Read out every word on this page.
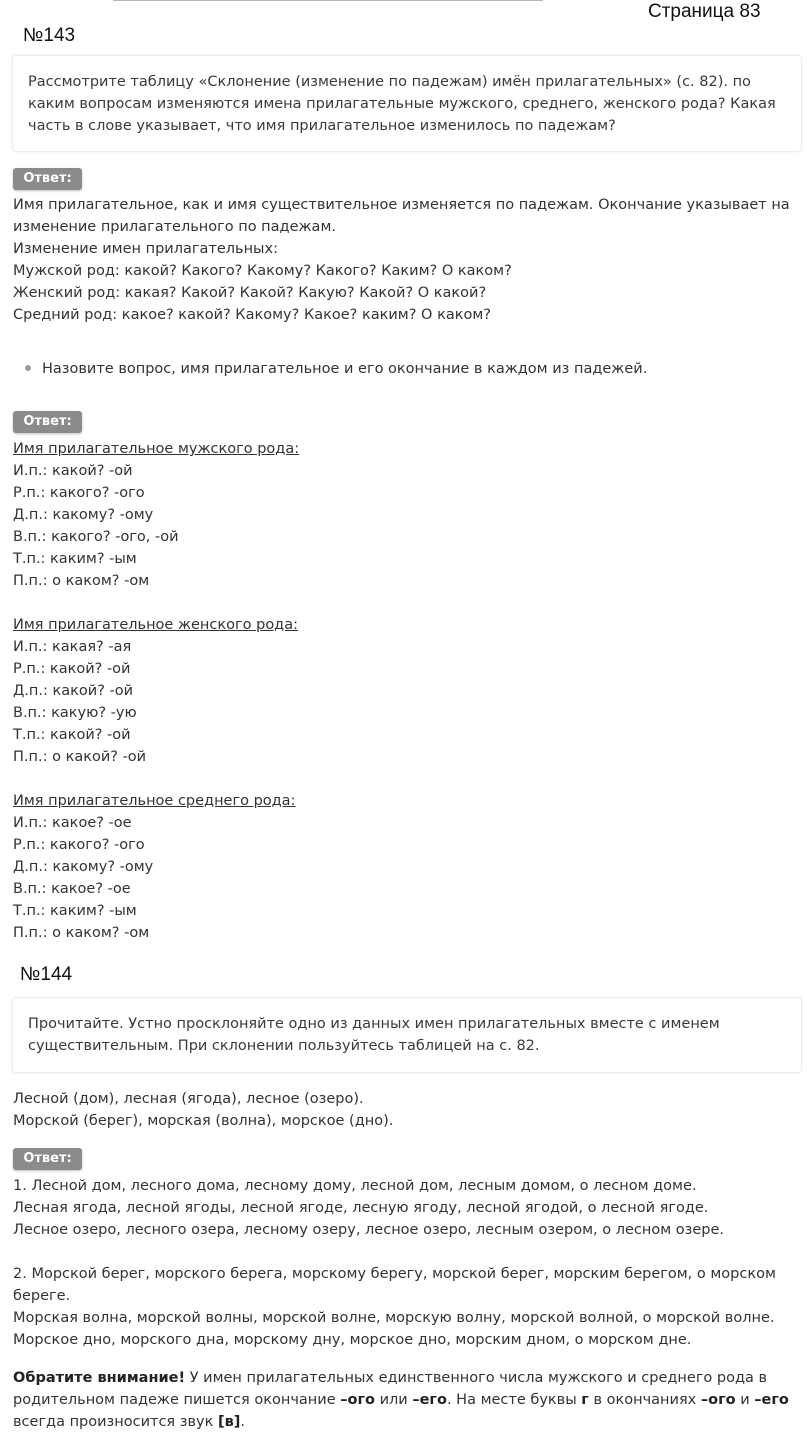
Страница 83
№143
Рассмотрите таблицу «Склонение (изменение по падежам) имён прилагательных» (с. 82). по каким вопросам изменяются имена прилагательные мужского, среднего, женского рода? Какая часть в слове указывает, что имя прилагательное изменилось по падежам?
Ответ:
Имя прилагательное, как и имя существительное изменяется по падежам. Окончание указывает на изменение прилагательного по падежам.
Изменение имен прилагательных:
Мужской род: какой? Какого? Какому? Какого? Каким? О каком?
Женский род: какая? Какой? Какой? Какую? Какой? О какой?
Средний род: какое? какой? Какому? Какое? каким? О каком?
Назовите вопрос, имя прилагательное и его окончание в каждом из падежей.
Ответ:
Имя прилагательное мужского рода:
И.п.: какой? -ой
Р.п.: какого? -ого
Д.п.: какому? -ому
В.п.: какого? -ого, -ой
Т.п.: каким? -ым
П.п.: о каком? -ом
Имя прилагательное женского рода:
И.п.: какая? -ая
Р.п.: какой? -ой
Д.п.: какой? -ой
В.п.: какую? -ую
Т.п.: какой? -ой
П.п.: о какой? -ой
Имя прилагательное среднего рода:
И.п.: какое? -ое
Р.п.: какого? -ого
Д.п.: какому? -ому
В.п.: какое? -ое
Т.п.: каким? -ым
П.п.: о каком? -ом
№144
Прочитайте. Устно просклоняйте одно из данных имен прилагательных вместе с именем существительным. При склонении пользуйтесь таблицей на с. 82.
Лесной (дом), лесная (ягода), лесное (озеро).
Морской (берег), морская (волна), морское (дно).
Ответ:
1. Лесной дом, лесного дома, лесному дому, лесной дом, лесным домом, о лесном доме.
Лесная ягода, лесной ягоды, лесной ягоде, лесную ягоду, лесной ягодой, о лесной ягоде.
Лесное озеро, лесного озера, лесному озеру, лесное озеро, лесным озером, о лесном озере.
2. Морской берег, морского берега, морскому берегу, морской берег, морским берегом, о морском береге.
Морская волна, морской волны, морской волне, морскую волну, морской волной, о морской волне.
Морское дно, морского дна, морскому дну, морское дно, морским дном, о морском дне.
Обратите внимание! У имен прилагательных единственного числа мужского и среднего рода в родительном падеже пишется окончание –ого или –его. На месте буквы г в окончаниях –ого и –его всегда произносится звук [в].
